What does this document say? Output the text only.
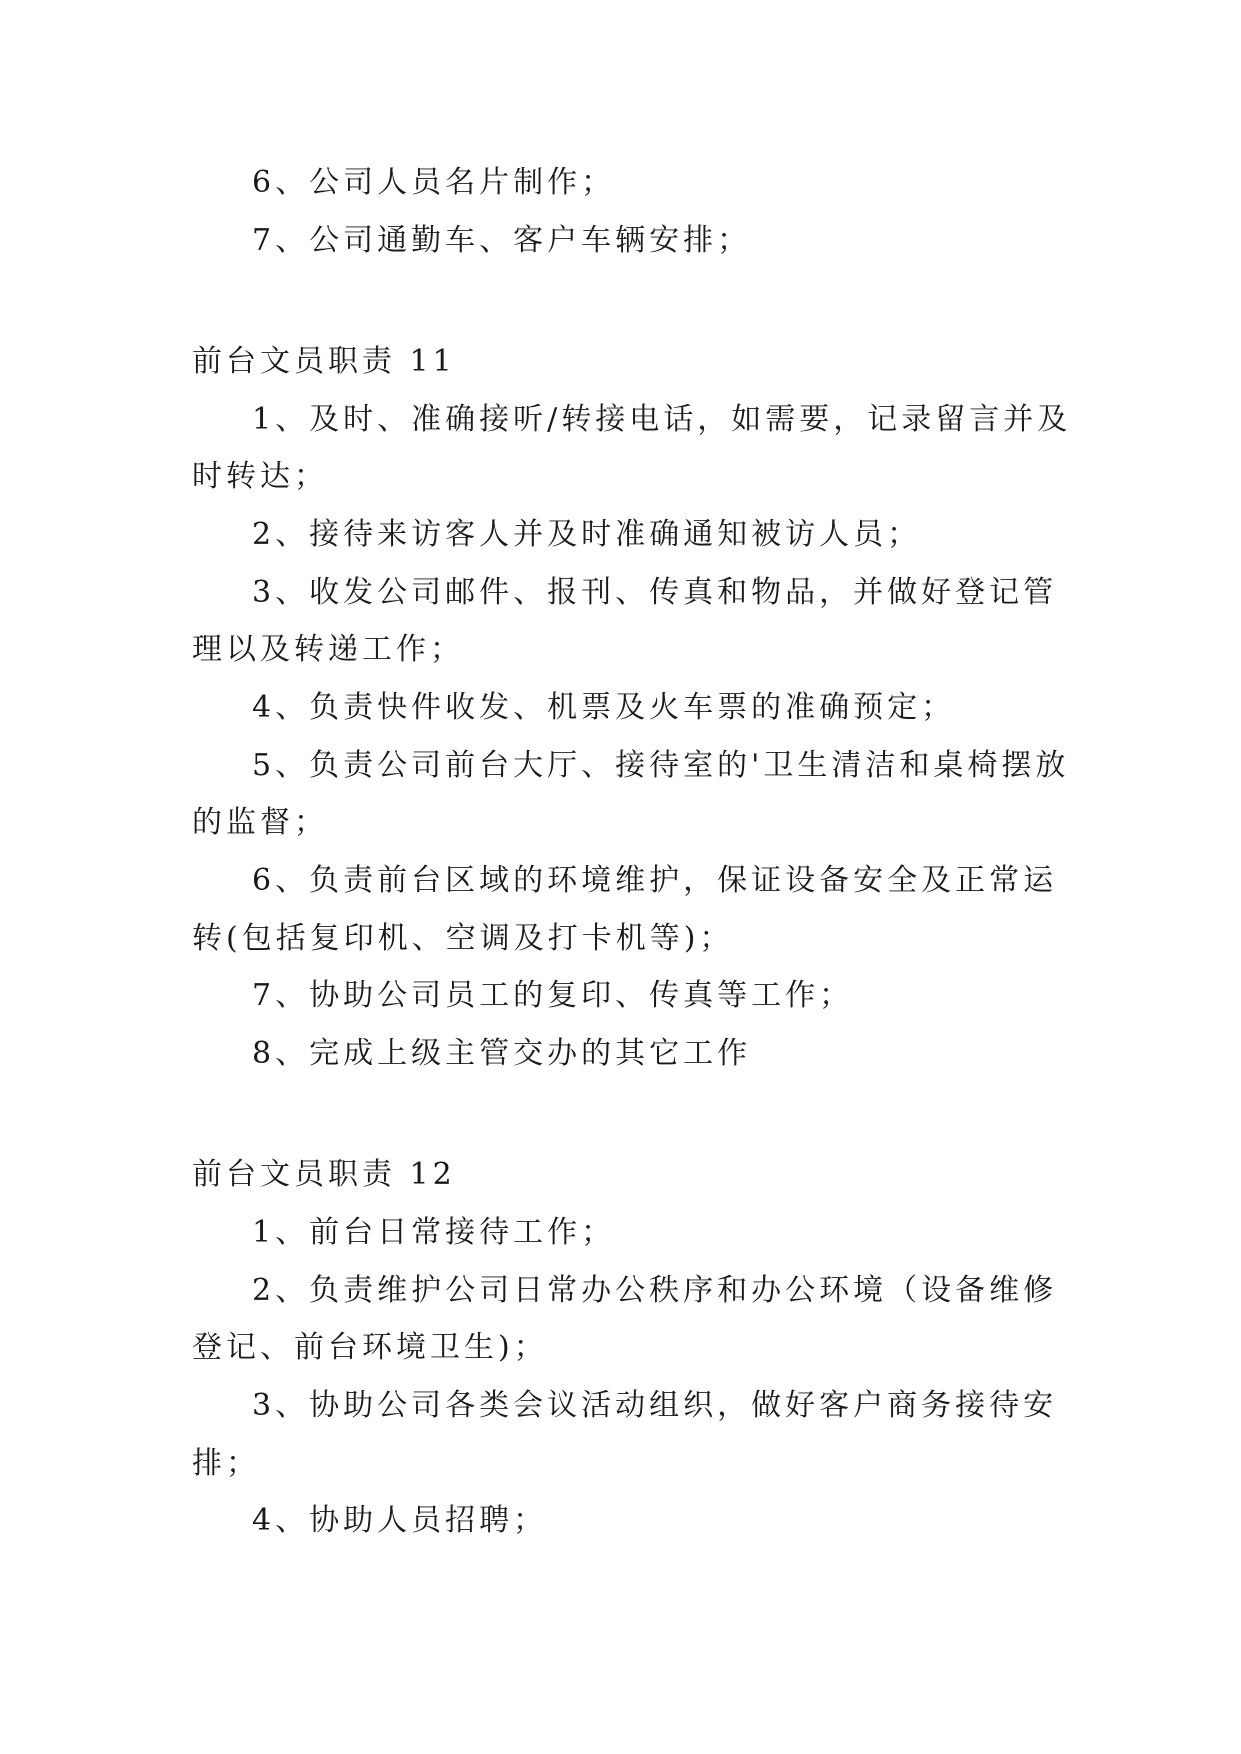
6、公司人员名片制作；
7、公司通勤车、客户车辆安排；
前台文员职责 11
1、及时、准确接听/转接电话，如需要，记录留言并及
时转达；
2、接待来访客人并及时准确通知被访人员；
3、收发公司邮件、报刊、传真和物品，并做好登记管
理以及转递工作；
4、负责快件收发、机票及火车票的准确预定；
5、负责公司前台大厅、接待室的'卫生清洁和桌椅摆放
的监督；
6、负责前台区域的环境维护，保证设备安全及正常运
转(包括复印机、空调及打卡机等)；
7、协助公司员工的复印、传真等工作；
8、完成上级主管交办的其它工作
前台文员职责 12
1、前台日常接待工作；
2、负责维护公司日常办公秩序和办公环境（设备维修
登记、前台环境卫生)；
3、协助公司各类会议活动组织，做好客户商务接待安
排；
4、协助人员招聘；
